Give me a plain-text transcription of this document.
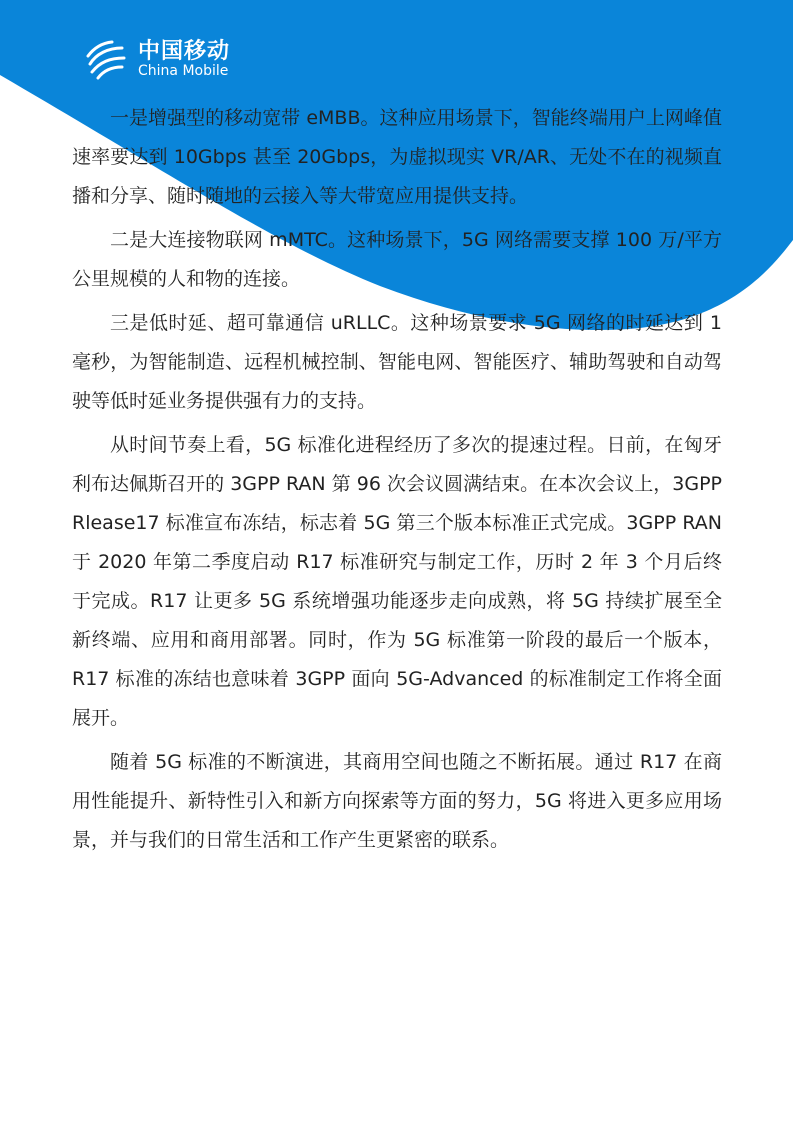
中国移动
China Mobile

一是增强型的移动宽带 eMBB。这种应用场景下，智能终端用户上网峰值速率要达到 10Gbps 甚至 20Gbps，为虚拟现实 VR/AR、无处不在的视频直播和分享、随时随地的云接入等大带宽应用提供支持。

二是大连接物联网 mMTC。这种场景下，5G 网络需要支撑 100 万/平方公里规模的人和物的连接。

三是低时延、超可靠通信 uRLLC。这种场景要求 5G 网络的时延达到 1 毫秒，为智能制造、远程机械控制、智能电网、智能医疗、辅助驾驶和自动驾驶等低时延业务提供强有力的支持。

从时间节奏上看，5G 标准化进程经历了多次的提速过程。日前，在匈牙利布达佩斯召开的 3GPP RAN 第 96 次会议圆满结束。在本次会议上，3GPP Rlease17 标准宣布冻结，标志着 5G 第三个版本标准正式完成。3GPP RAN 于 2020 年第二季度启动 R17 标准研究与制定工作，历时 2 年 3 个月后终于完成。R17 让更多 5G 系统增强功能逐步走向成熟，将 5G 持续扩展至全新终端、应用和商用部署。同时，作为 5G 标准第一阶段的最后一个版本，R17 标准的冻结也意味着 3GPP 面向 5G-Advanced 的标准制定工作将全面展开。

随着 5G 标准的不断演进，其商用空间也随之不断拓展。通过 R17 在商用性能提升、新特性引入和新方向探索等方面的努力，5G 将进入更多应用场景，并与我们的日常生活和工作产生更紧密的联系。
